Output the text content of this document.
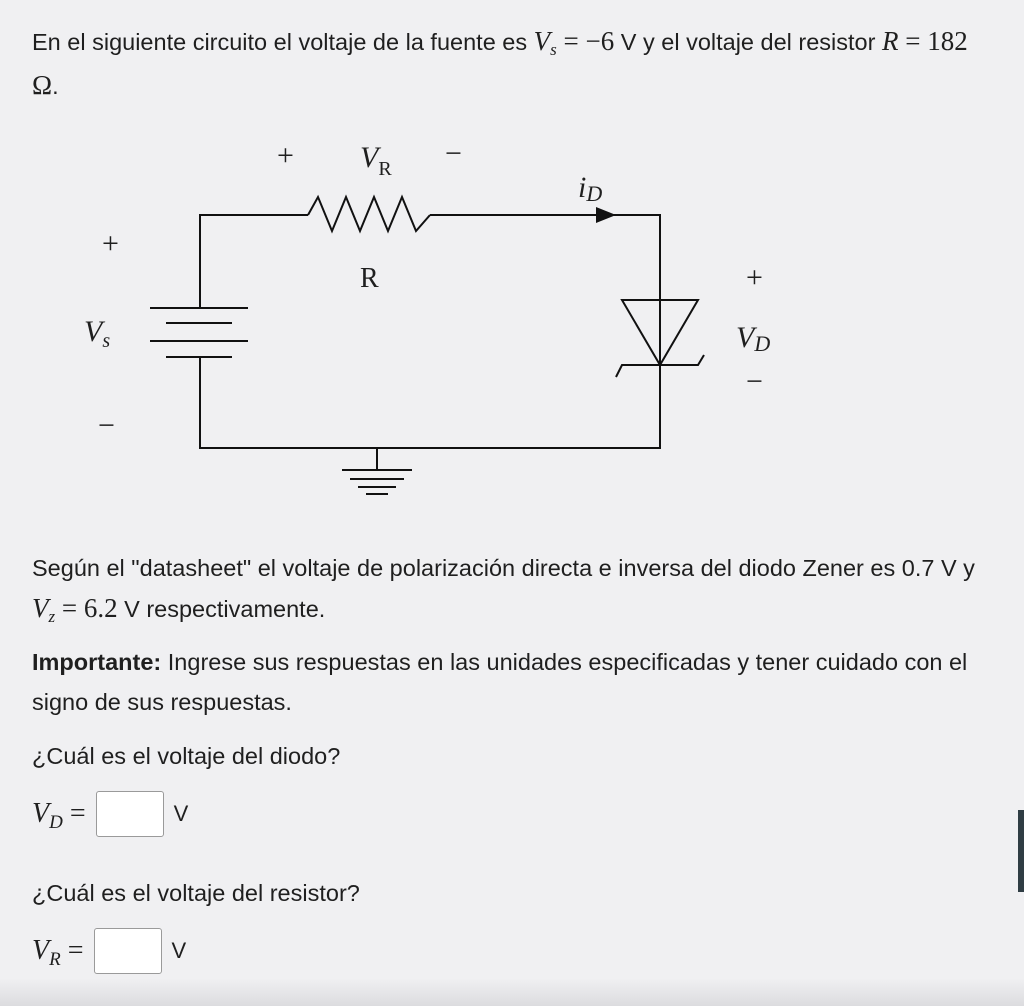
En el siguiente circuito el voltaje de la fuente es $V_s = -6$ V y el voltaje del resistor R = 182 Ω.

+ $V_R$ −
iD
+
$V_s$
−
R	+
VD
−

Según el "datasheet" el voltaje de polarización directa e inversa del diodo Zener es 0.7 V y $V_z = 6.2$ V respectivamente.

Importante: Ingrese sus respuestas en las unidades especificadas y tener cuidado con el signo de sus respuestas.

¿Cuál es el voltaje del diodo?

$V_D$ =	V

¿Cuál es el voltaje del resistor?

$V_R$ =	V
